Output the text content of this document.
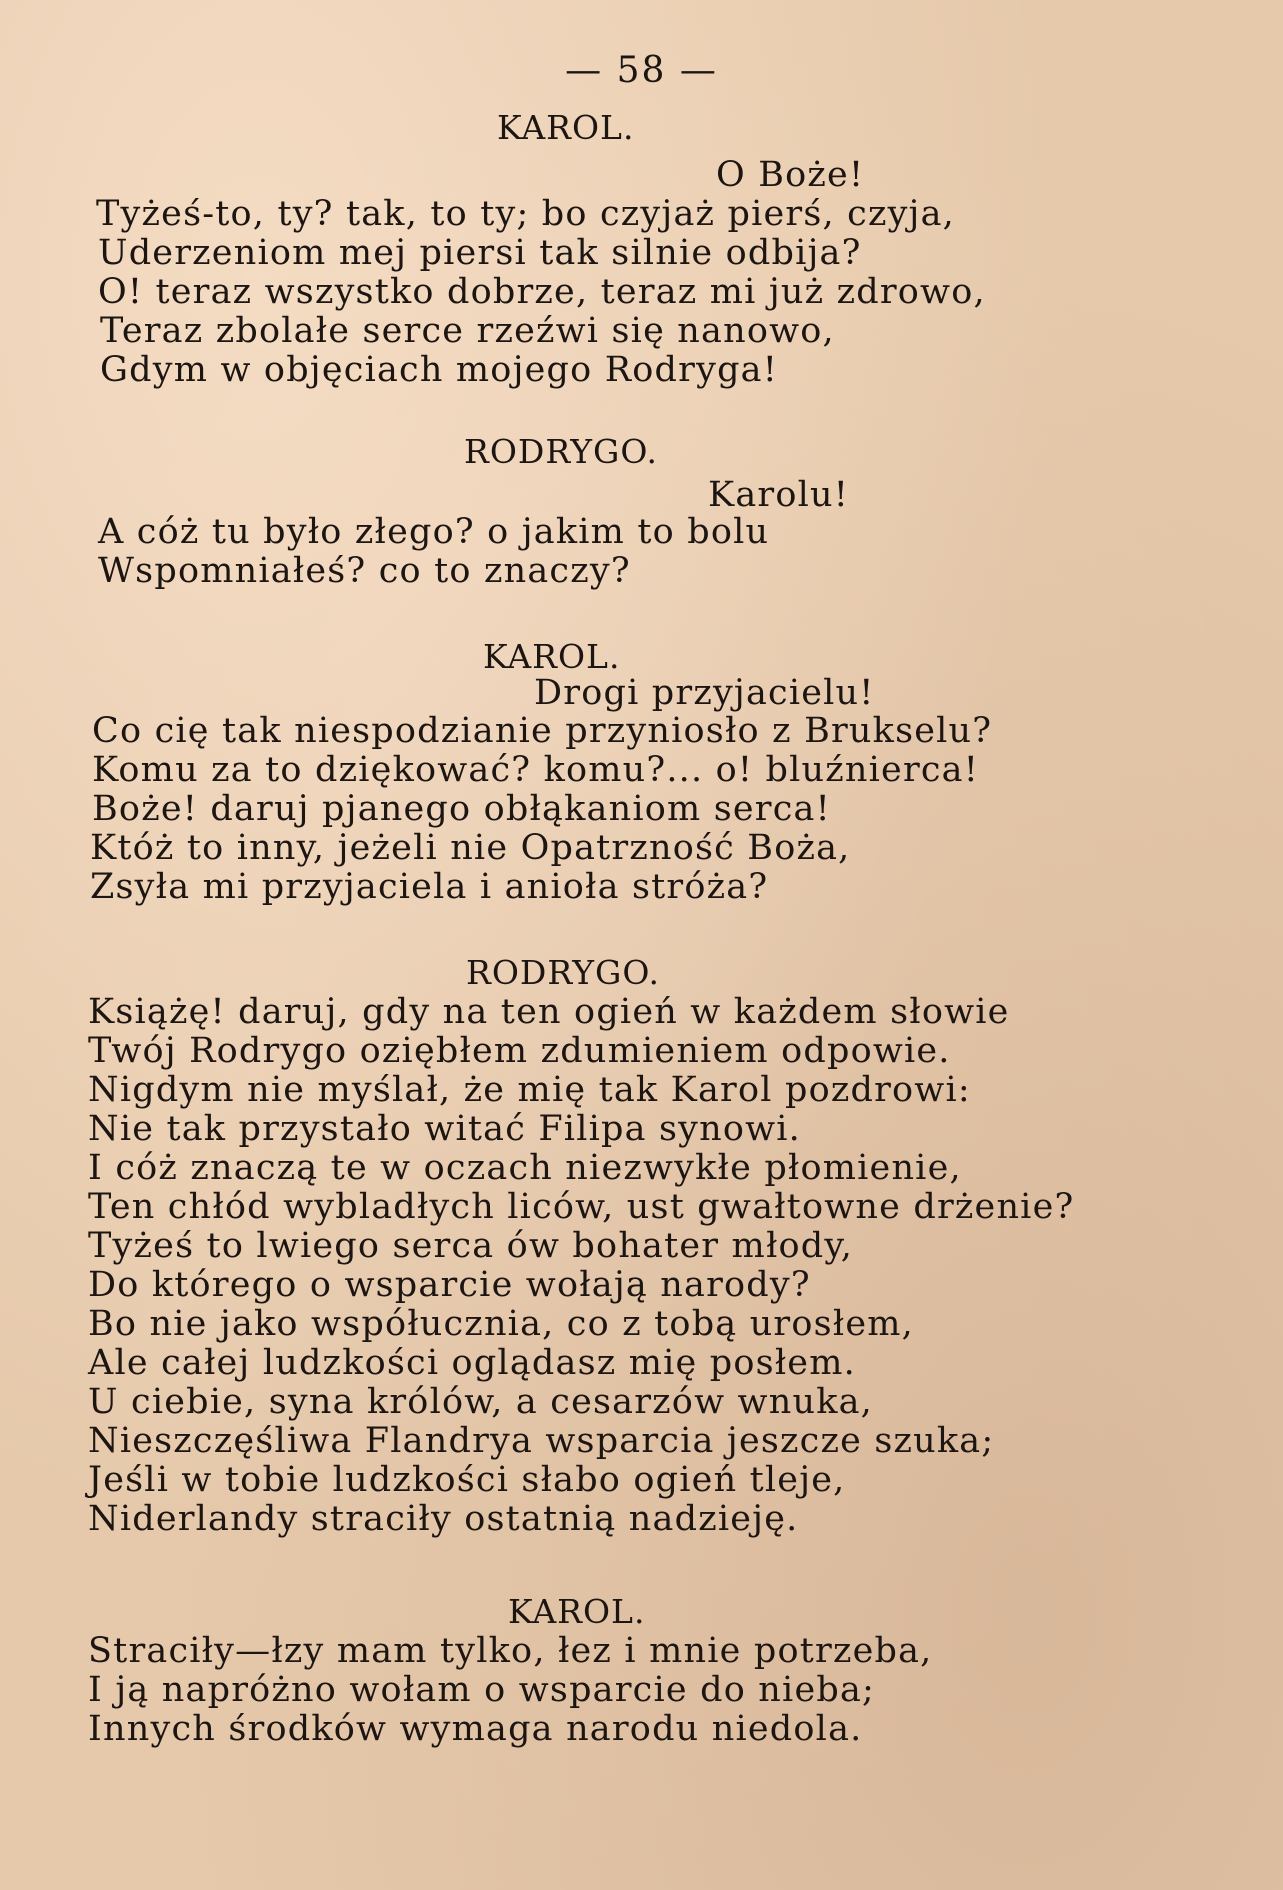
— 58 —
KAROL.
O Boże!
Tyżeś-to, ty? tak, to ty; bo czyjaż pierś, czyja,
Uderzeniom mej piersi tak silnie odbija?
O! teraz wszystko dobrze, teraz mi już zdrowo,
Teraz zbolałe serce rzeźwi się nanowo,
Gdym w objęciach mojego Rodryga!
RODRYGO.
Karolu!
A cóż tu było złego? o jakim to bolu
Wspomniałeś? co to znaczy?
KAROL.
Drogi przyjacielu!
Co cię tak niespodzianie przyniosło z Brukselu?
Komu za to dziękować? komu?... o! bluźnierca!
Boże! daruj pjanego obłąkaniom serca!
Któż to inny, jeżeli nie Opatrzność Boża,
Zsyła mi przyjaciela i anioła stróża?
RODRYGO.
Książę! daruj, gdy na ten ogień w każdem słowie
Twój Rodrygo oziębłem zdumieniem odpowie.
Nigdym nie myślał, że mię tak Karol pozdrowi:
Nie tak przystało witać Filipa synowi.
I cóż znaczą te w oczach niezwykłe płomienie,
Ten chłód wybladłych liców, ust gwałtowne drżenie?
Tyżeś to lwiego serca ów bohater młody,
Do którego o wsparcie wołają narody?
Bo nie jako współucznia, co z tobą urosłem,
Ale całej ludzkości oglądasz mię posłem.
U ciebie, syna królów, a cesarzów wnuka,
Nieszczęśliwa Flandrya wsparcia jeszcze szuka;
Jeśli w tobie ludzkości słabo ogień tleje,
Niderlandy straciły ostatnią nadzieję.
KAROL.
Straciły—łzy mam tylko, łez i mnie potrzeba,
I ją napróżno wołam o wsparcie do nieba;
Innych środków wymaga narodu niedola.
